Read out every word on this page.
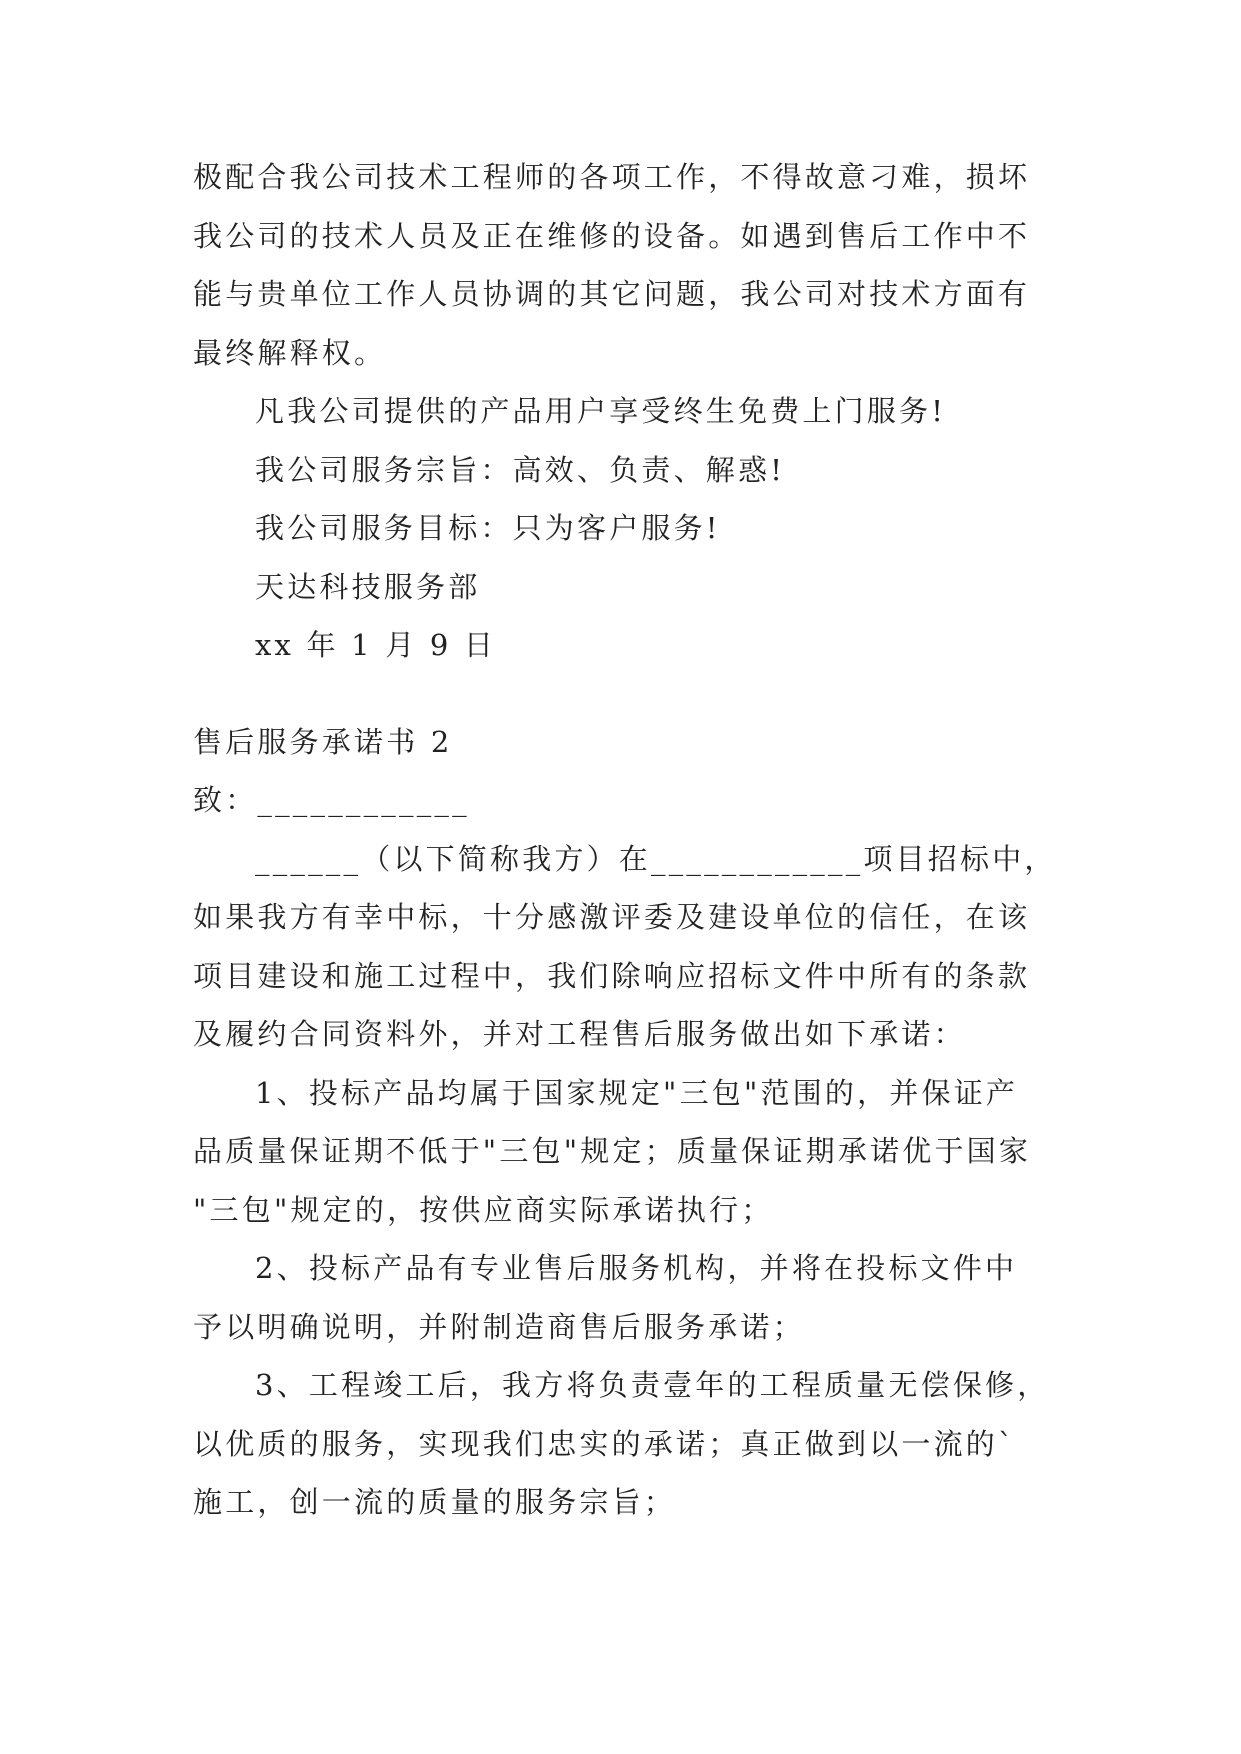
极配合我公司技术工程师的各项工作，不得故意刁难，损坏
我公司的技术人员及正在维修的设备。如遇到售后工作中不
能与贵单位工作人员协调的其它问题，我公司对技术方面有
最终解释权。
凡我公司提供的产品用户享受终生免费上门服务!
我公司服务宗旨：高效、负责、解惑!
我公司服务目标：只为客户服务!
天达科技服务部
xx 年 1 月 9 日
售后服务承诺书 2
致：____________
______（以下简称我方）在____________项目招标中，
如果我方有幸中标，十分感激评委及建设单位的信任，在该
项目建设和施工过程中，我们除响应招标文件中所有的条款
及履约合同资料外，并对工程售后服务做出如下承诺：
1、投标产品均属于国家规定"三包"范围的，并保证产
品质量保证期不低于"三包"规定；质量保证期承诺优于国家
"三包"规定的，按供应商实际承诺执行；
2、投标产品有专业售后服务机构，并将在投标文件中
予以明确说明，并附制造商售后服务承诺；
3、工程竣工后，我方将负责壹年的工程质量无偿保修，
以优质的服务，实现我们忠实的承诺；真正做到以一流的`
施工，创一流的质量的服务宗旨；
